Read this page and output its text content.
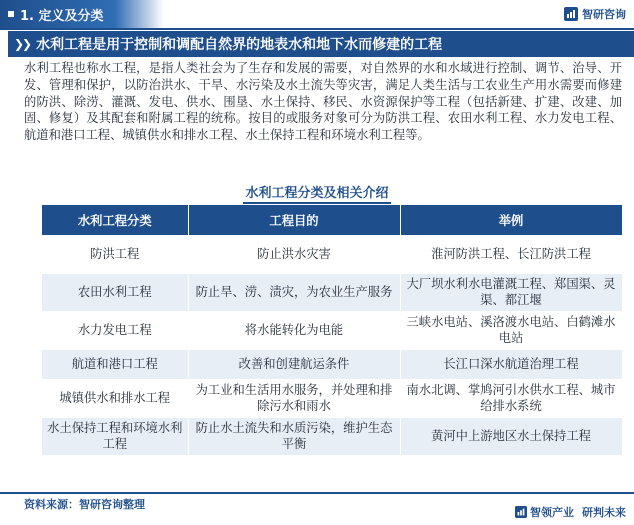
1. 定义及分类	智研咨询
❯❯ 水利工程是用于控制和调配自然界的地表水和地下水而修建的工程
水利工程也称水工程，是指人类社会为了生存和发展的需要，对自然界的水和水域进行控制、调节、治导、开发、管理和保护，以防治洪水、干旱、水污染及水土流失等灾害，满足人类生活与工农业生产用水需要而修建的防洪、除涝、灌溉、发电、供水、围垦、水土保持、移民、水资源保护等工程（包括新建、扩建、改建、加固、修复）及其配套和附属工程的统称。按目的或服务对象可分为防洪工程、农田水利工程、水力发电工程、航道和港口工程、城镇供水和排水工程、水土保持工程和环境水利工程等。
水利工程分类及相关介绍
水利工程分类	工程目的	举例
防洪工程	防止洪水灾害	淮河防洪工程、长江防洪工程
农田水利工程	防止旱、涝、渍灾，为农业生产服务	大厂坝水利水电灌溉工程、郑国渠、灵渠、都江堰
水力发电工程	将水能转化为电能	三峡水电站、溪洛渡水电站、白鹤滩水电站
航道和港口工程	改善和创建航运条件	长江口深水航道治理工程
城镇供水和排水工程	为工业和生活用水服务，并处理和排除污水和雨水	南水北调、掌鸠河引水供水工程、城市给排水系统
水土保持工程和环境水利工程	防止水土流失和水质污染，维护生态平衡	黄河中上游地区水土保持工程
资料来源：智研咨询整理
智领产业 研判未来
